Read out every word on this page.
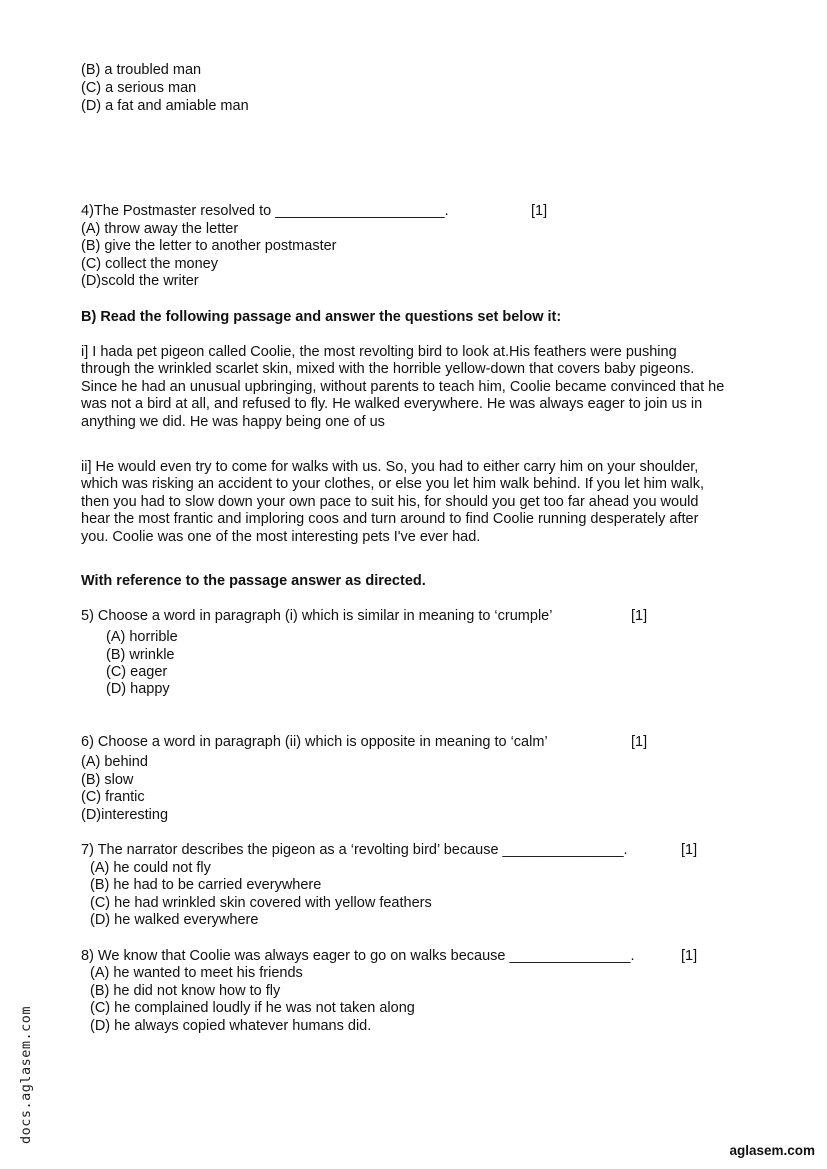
(B) a troubled man
(C) a serious man
(D) a fat and amiable man
4)The Postmaster resolved to _____________________.	[1]
(A) throw away the letter
(B) give the letter to another postmaster
(C) collect the money
(D)scold the writer
B) Read the following passage and answer the questions set below it:
i] I hada pet pigeon called Coolie, the most revolting bird to look at.His feathers were pushing
through the wrinkled scarlet skin, mixed with the horrible yellow-down that covers baby pigeons.
Since he had an unusual upbringing, without parents to teach him, Coolie became convinced that he
was not a bird at all, and refused to fly. He walked everywhere. He was always eager to join us in
anything we did. He was happy being one of us
ii] He would even try to come for walks with us. So, you had to either carry him on your shoulder,
which was risking an accident to your clothes, or else you let him walk behind. If you let him walk,
then you had to slow down your own pace to suit his, for should you get too far ahead you would
hear the most frantic and imploring coos and turn around to find Coolie running desperately after
you. Coolie was one of the most interesting pets I've ever had.
With reference to the passage answer as directed.
5) Choose a word in paragraph (i) which is similar in meaning to ‘crumple’	[1]
(A) horrible
(B) wrinkle
(C) eager
(D) happy
6) Choose a word in paragraph (ii) which is opposite in meaning to ‘calm’	[1]
(A) behind
(B) slow
(C) frantic
(D)interesting
7) The narrator describes the pigeon as a ‘revolting bird’ because _______________.	[1]
(A) he could not fly
(B) he had to be carried everywhere
(C) he had wrinkled skin covered with yellow feathers
(D) he walked everywhere
8) We know that Coolie was always eager to go on walks because _______________.	[1]
(A) he wanted to meet his friends
(B) he did not know how to fly
(C) he complained loudly if he was not taken along
(D) he always copied whatever humans did.
docs.aglasem.com
aglasem.com
